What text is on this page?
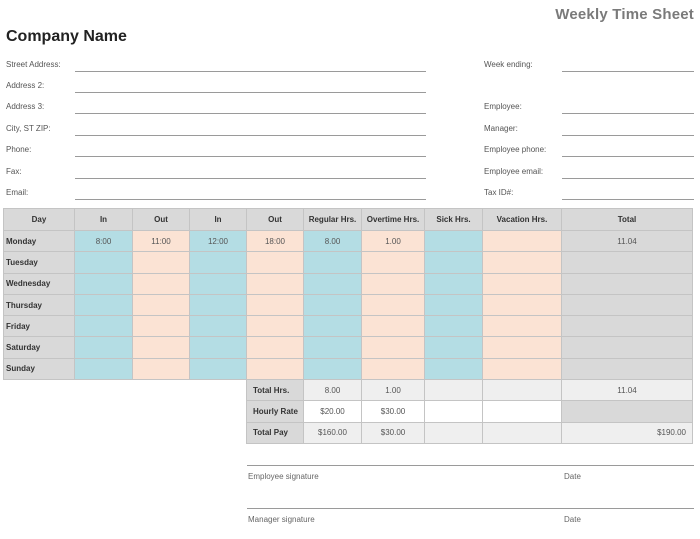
Weekly Time Sheet
Company Name
Street Address:
Address 2:
Address 3:
City, ST ZIP:
Phone:
Fax:
Email:
Week ending:
Employee:
Manager:
Employee phone:
Employee email:
Tax ID#:
Day	In	Out	In	Out	Regular Hrs.	Overtime Hrs.	Sick Hrs.	Vacation Hrs.	Total
Monday	8:00	11:00	12:00	18:00	8.00	1.00			11.04
Tuesday									
Wednesday									
Thursday									
Friday									
Saturday									
Sunday									
				Total Hrs.	8.00	1.00			11.04
				Hourly Rate	$20.00	$30.00			
				Total Pay	$160.00	$30.00			$190.00
Employee signature	Date
Manager signature	Date
